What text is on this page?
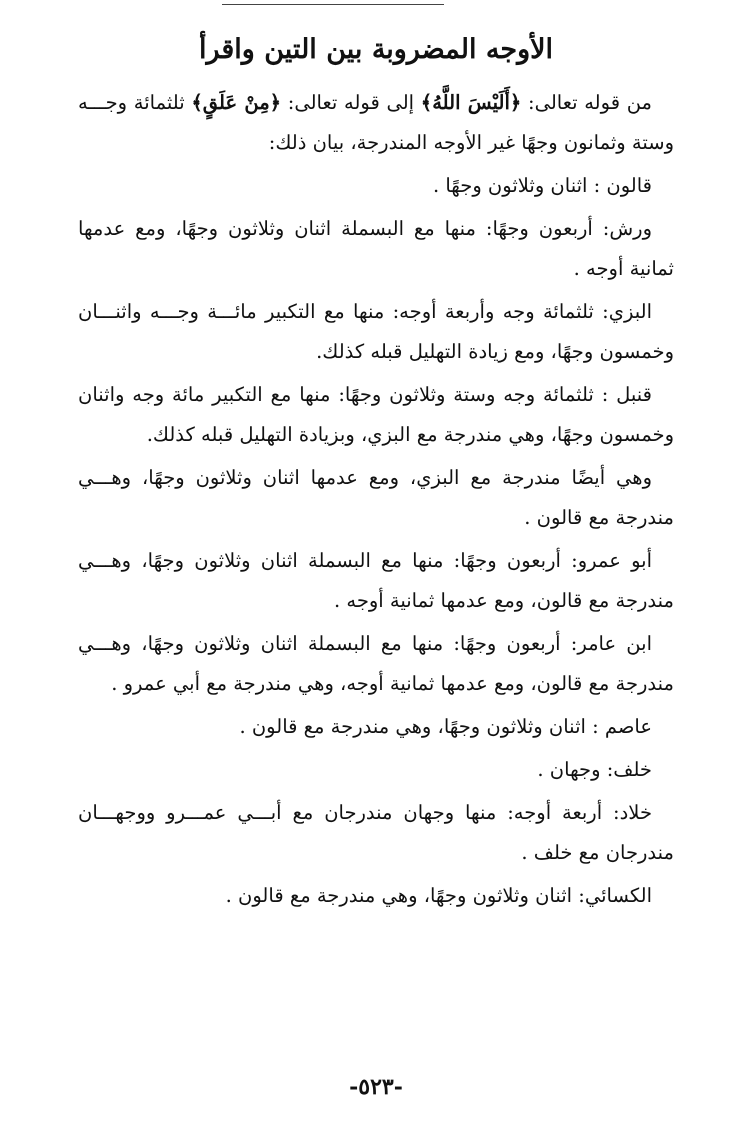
الأوجه المضروبة بين التين واقرأ

من قوله تعالى: ﴿أَلَيْسَ اللَّهُ﴾ إلى قوله تعالى: ﴿مِنْ عَلَقٍ﴾ ثلثمائة وجـــه وستة وثمانون وجهًا غير الأوجه المندرجة، بيان ذلك:

قالون : اثنان وثلاثون وجهًا .

ورش: أربعون وجهًا: منها مع البسملة اثنان وثلاثون وجهًا، ومع عدمها ثمانية أوجه .

البزي: ثلثمائة وجه وأربعة أوجه: منها مع التكبير مائـــة وجـــه واثنـــان وخمسون وجهًا، ومع زيادة التهليل قبله كذلك.

قنبل : ثلثمائة وجه وستة وثلاثون وجهًا: منها مع التكبير مائة وجه واثنان وخمسون وجهًا، وهي مندرجة مع البزي، وبزيادة التهليل قبله كذلك.

وهي أيضًا مندرجة مع البزي، ومع عدمها اثنان وثلاثون وجهًا، وهـــي مندرجة مع قالون .

أبو عمرو: أربعون وجهًا: منها مع البسملة اثنان وثلاثون وجهًا، وهـــي مندرجة مع قالون، ومع عدمها ثمانية أوجه .

ابن عامر: أربعون وجهًا: منها مع البسملة اثنان وثلاثون وجهًا، وهـــي مندرجة مع قالون، ومع عدمها ثمانية أوجه، وهي مندرجة مع أبي عمرو .

عاصم : اثنان وثلاثون وجهًا، وهي مندرجة مع قالون .

خلف: وجهان .

خلاد: أربعة أوجه: منها وجهان مندرجان مع أبـــي عمـــرو ووجهـــان مندرجان مع خلف .

الكسائي: اثنان وثلاثون وجهًا، وهي مندرجة مع قالون .

-٥٢٣-
